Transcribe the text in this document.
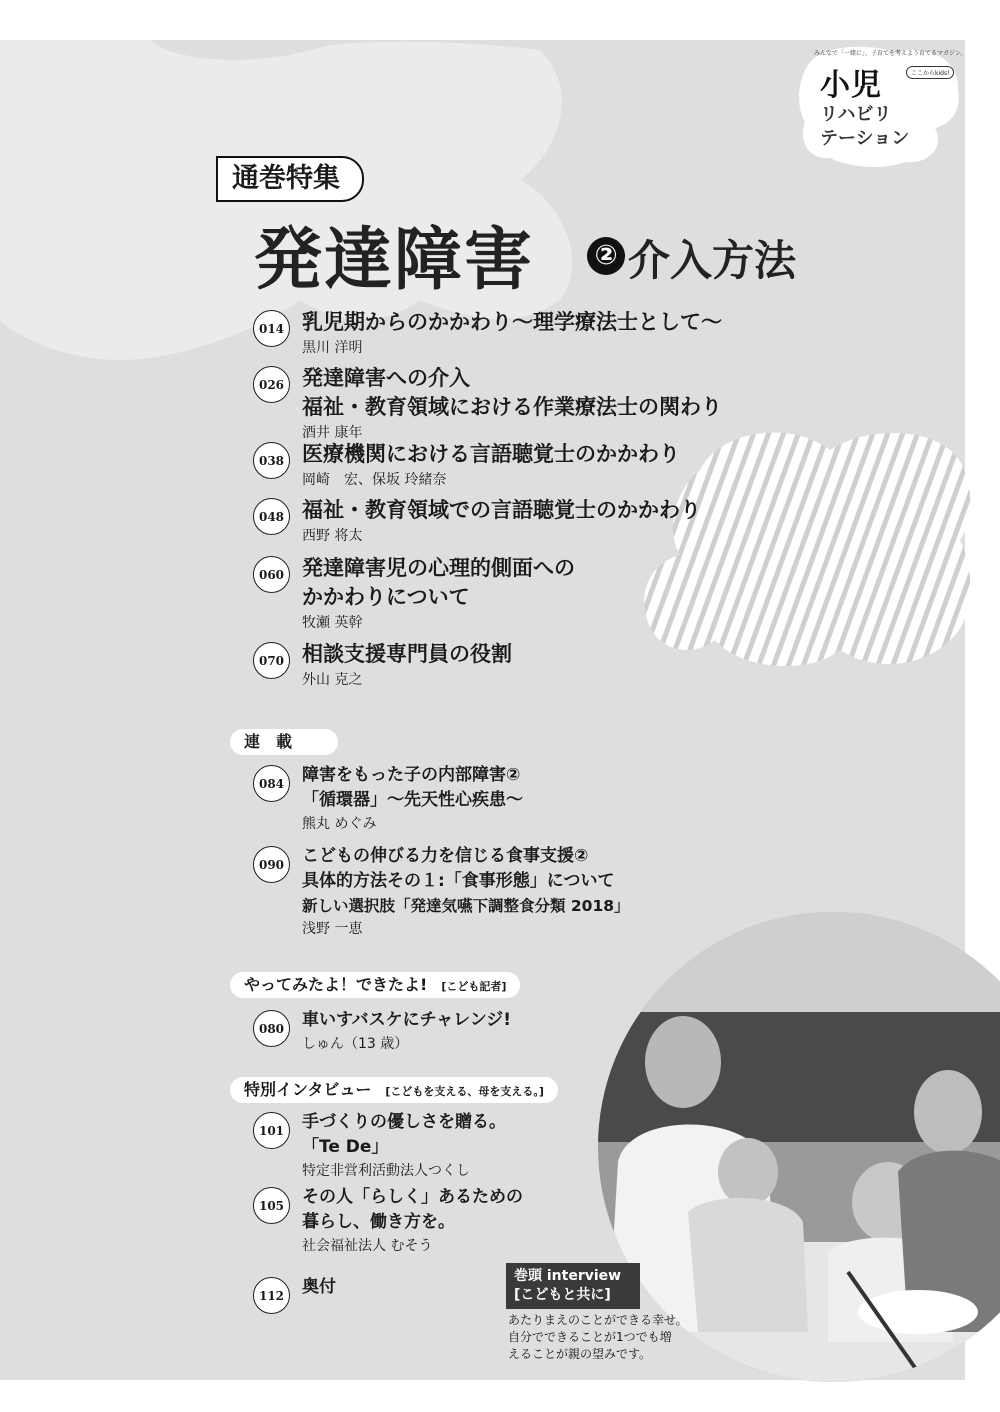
みんなで「一緒に」、子育てを考えよう育てるマガジン。
小児	ここからkids!
リハビリ
テーション
通巻特集
発達障害 ② 介入方法
014 乳児期からのかかわり～理学療法士として～
黒川 洋明
026 発達障害への介入
福祉・教育領域における作業療法士の関わり
酒井 康年
038 医療機関における言語聴覚士のかかわり
岡崎　宏、保坂 玲緒奈
048 福祉・教育領域での言語聴覚士のかかわり
西野 将太
060 発達障害児の心理的側面への
かかわりについて
牧瀬 英幹
070 相談支援専門員の役割
外山 克之
連　載
084	障害をもった子の内部障害②
「循環器」～先天性心疾患～
熊丸 めぐみ
090	こどもの伸びる力を信じる食事支援②
具体的方法その１:「食事形態」について
新しい選択肢「発達気嚥下調整食分類 2018」
浅野 一恵
やってみたよ！できたよ! [こども記者]
080	車いすバスケにチャレンジ!
しゅん（13 歳）
特別インタビュー [こどもを支える、母を支える。]
101	手づくりの優しさを贈る。
「Te De」
特定非営利活動法人つくし
105	その人「らしく」あるための
暮らし、働き方を。
社会福祉法人 むそう
112	奥付
巻頭 interview
[こどもと共に]
あたりまえのことができる幸せ。
自分でできることが1つでも増
えることが親の望みです。
